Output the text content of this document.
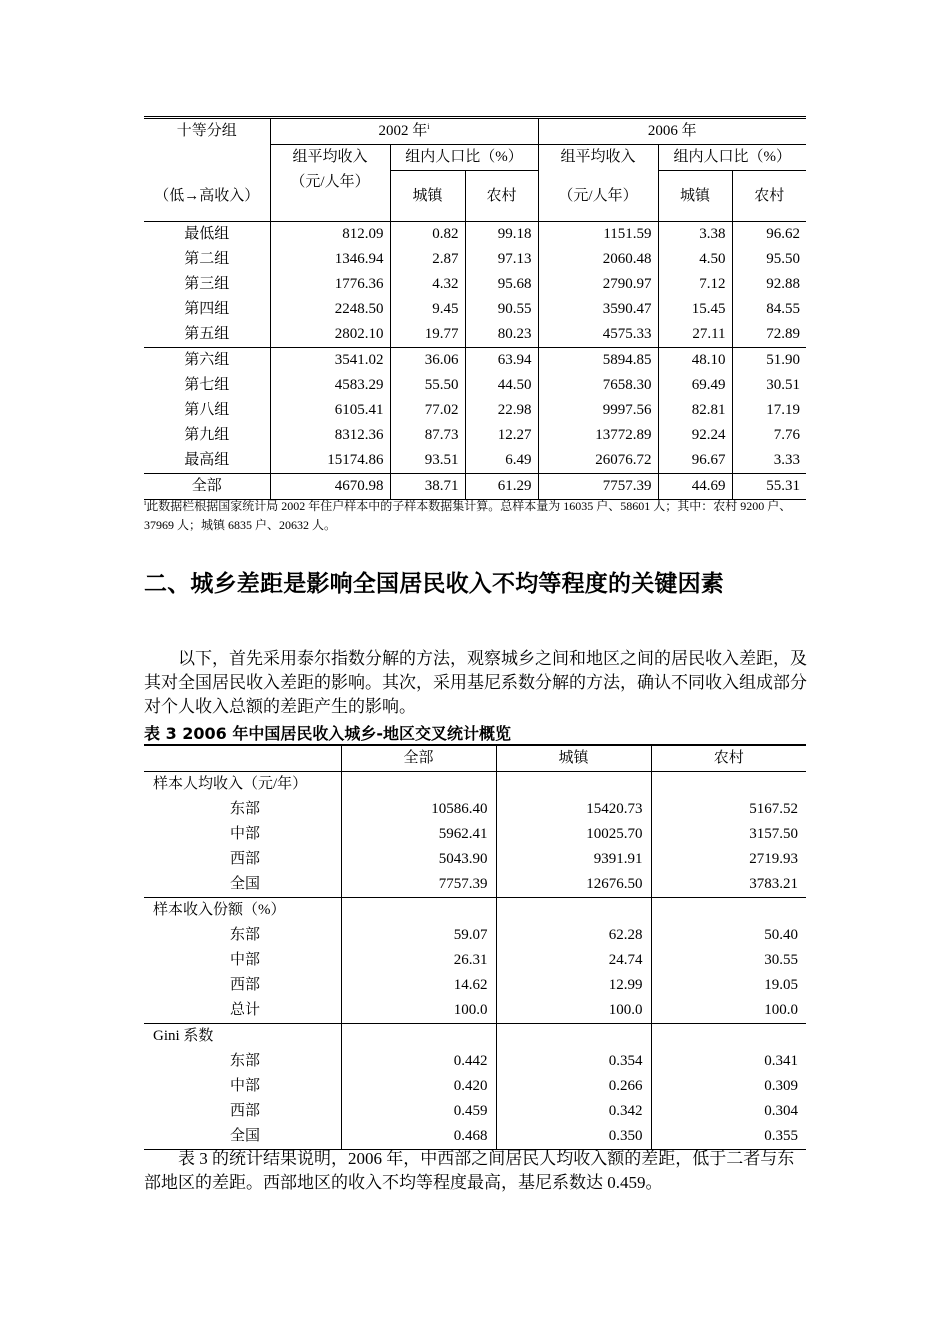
十等分组	2002 年$^i$			2006 年		
	组平均收入	组内人口比（%）		组平均收入	组内人口比（%）	
（低→高收入）	（元/人年）	城镇	农村	（元/人年）	城镇	农村
最低组	812.09	0.82	99.18	1151.59	3.38	96.62
第二组	1346.94	2.87	97.13	2060.48	4.50	95.50
第三组	1776.36	4.32	95.68	2790.97	7.12	92.88
第四组	2248.50	9.45	90.55	3590.47	15.45	84.55
第五组	2802.10	19.77	80.23	4575.33	27.11	72.89
第六组	3541.02	36.06	63.94	5894.85	48.10	51.90
第七组	4583.29	55.50	44.50	7658.30	69.49	30.51
第八组	6105.41	77.02	22.98	9997.56	82.81	17.19
第九组	8312.36	87.73	12.27	13772.89	92.24	7.76
最高组	15174.86	93.51	6.49	26076.72	96.67	3.33
全部	4670.98	38.71	61.29	7757.39	44.69	55.31
$^i$此数据栏根据国家统计局 2002 年住户样本中的子样本数据集计算。总样本量为 16035 户、58601 人；其中：农村 9200 户、37969 人；城镇 6835 户、20632 人。
二、城乡差距是影响全国居民收入不均等程度的关键因素
以下，首先采用泰尔指数分解的方法，观察城乡之间和地区之间的居民收入差距，及其对全国居民收入差距的影响。其次，采用基尼系数分解的方法，确认不同收入组成部分对个人收入总额的差距产生的影响。
表 3 2006 年中国居民收入城乡-地区交叉统计概览
	全部	城镇	农村
样本人均收入（元/年）			
东部	10586.40	15420.73	5167.52
中部	5962.41	10025.70	3157.50
西部	5043.90	9391.91	2719.93
全国	7757.39	12676.50	3783.21
样本收入份额（%）			
东部	59.07	62.28	50.40
中部	26.31	24.74	30.55
西部	14.62	12.99	19.05
总计	100.0	100.0	100.0
Gini 系数			
东部	0.442	0.354	0.341
中部	0.420	0.266	0.309
西部	0.459	0.342	0.304
全国	0.468	0.350	0.355
表 3 的统计结果说明，2006 年，中西部之间居民人均收入额的差距，低于二者与东部地区的差距。西部地区的收入不均等程度最高，基尼系数达 0.459。
